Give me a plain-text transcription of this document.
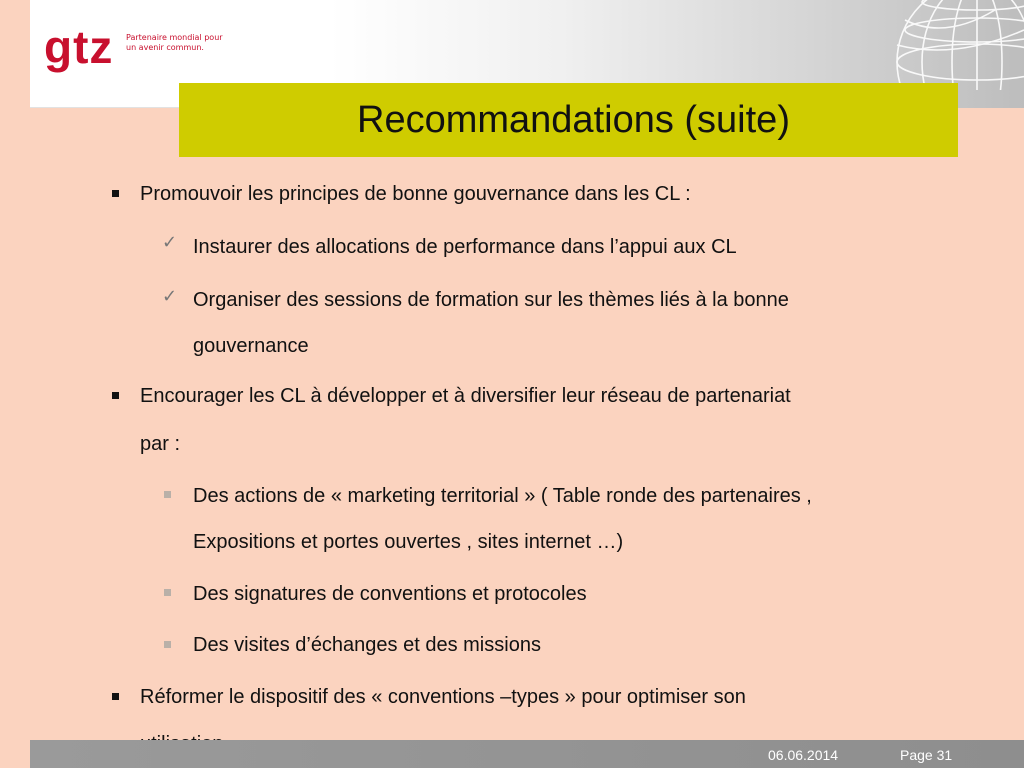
gtz Partenaire mondial pour
un avenir commun.
Recommandations (suite)
Promouvoir les principes de bonne gouvernance dans les CL :
✓ Instaurer des allocations de performance dans l’appui aux CL
✓ Organiser des sessions de formation sur les thèmes liés à la bonne
gouvernance
Encourager les CL à développer et à diversifier leur réseau de partenariat
par :
Des actions de « marketing territorial » ( Table ronde des partenaires ,
Expositions et portes ouvertes , sites internet …)
Des signatures de conventions et protocoles
Des visites d’échanges et des missions
Réformer le dispositif des « conventions –types » pour optimiser son
06.06.2014	Page 31
